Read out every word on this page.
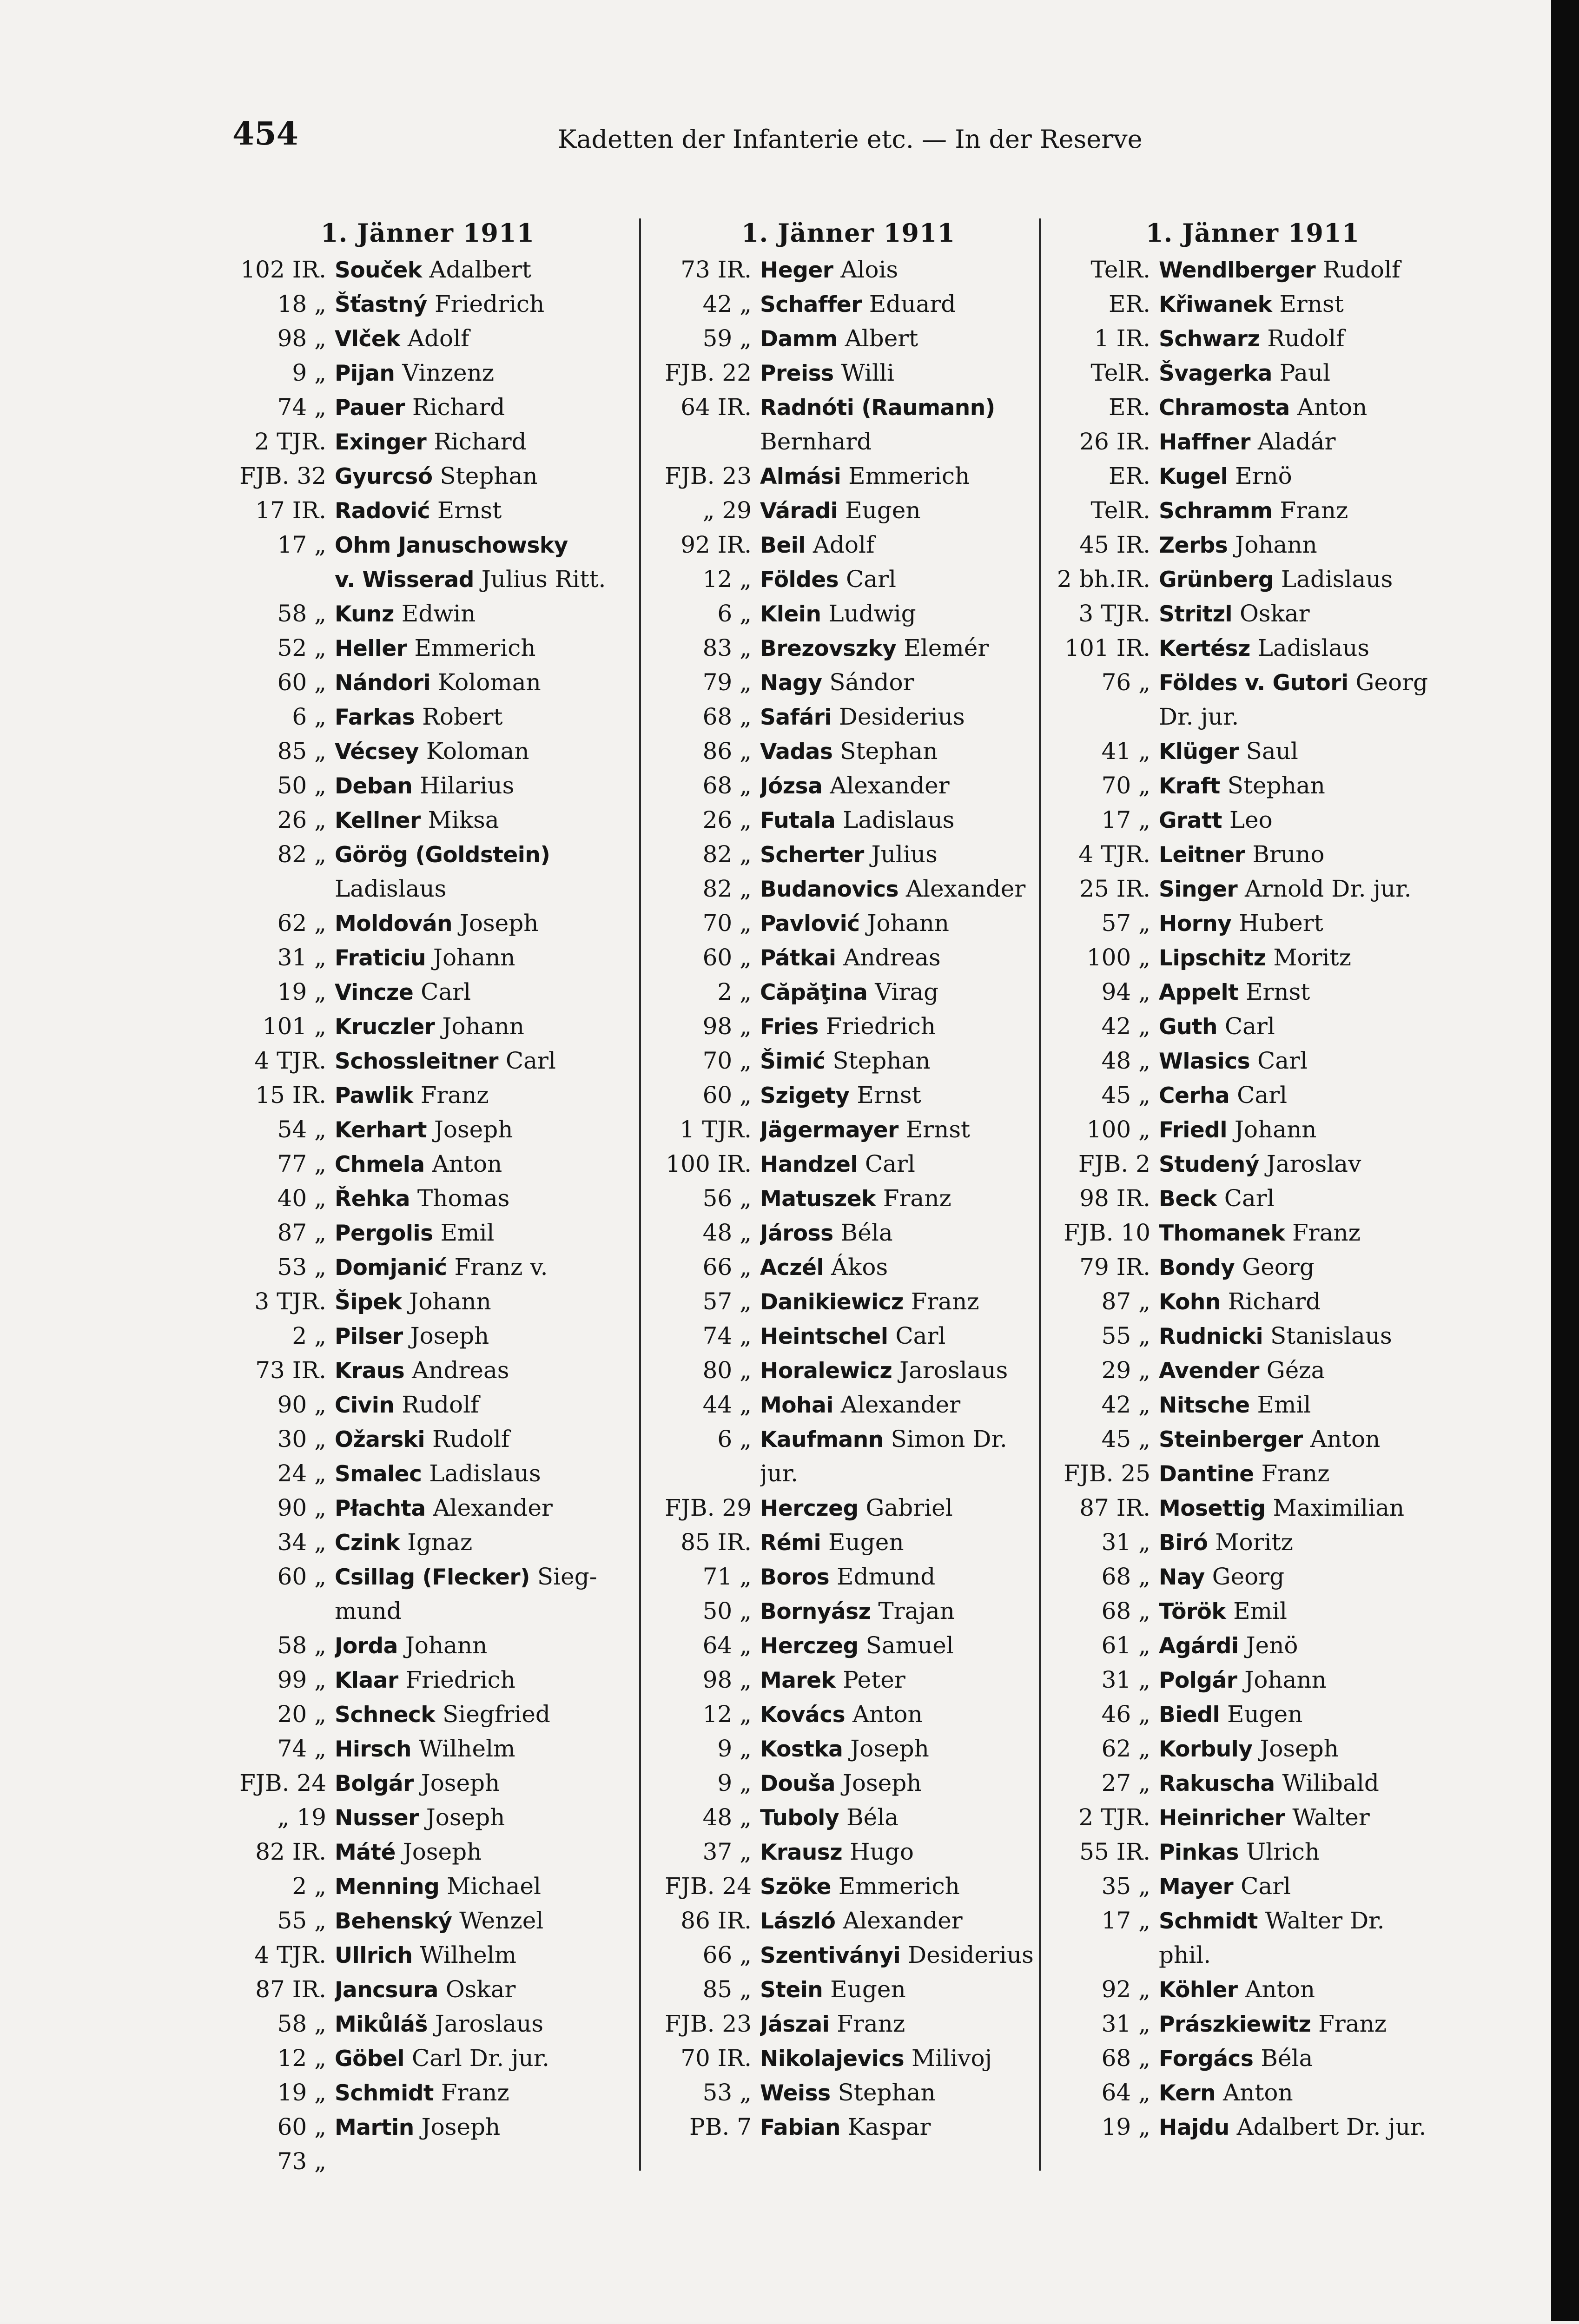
454	Kadetten der Infanterie etc. — In der Reserve
1. Jänner 1911
102 IR. Souček Adalbert
18 „ Šťastný Friedrich
98 „ Vlček Adolf
9 „ Pijan Vinzenz
74 „ Pauer Richard
2 TJR. Exinger Richard
FJB. 32 Gyurcsó Stephan
17 IR. Radović Ernst
17 „ Ohm Januschowsky
v. Wisserad Julius Ritt.
58 „ Kunz Edwin
52 „ Heller Emmerich
60 „ Nándori Koloman
6 „ Farkas Robert
85 „ Vécsey Koloman
50 „ Deban Hilarius
26 „ Kellner Miksa
82 „ Görög (Goldstein)
Ladislaus
62 „ Moldován Joseph
31 „ Fraticiu Johann
19 „ Vincze Carl
101 „ Kruczler Johann
4 TJR. Schossleitner Carl
15 IR. Pawlik Franz
54 „ Kerhart Joseph
77 „ Chmela Anton
40 „ Řehka Thomas
87 „ Pergolis Emil
53 „ Domjanić Franz v.
3 TJR. Šipek Johann
2 „ Pilser Joseph
73 IR. Kraus Andreas
90 „ Civin Rudolf
30 „ Ožarski Rudolf
24 „ Smalec Ladislaus
90 „ Płachta Alexander
34 „ Czink Ignaz
60 „ Csillag (Flecker) Sieg-
mund
58 „ Jorda Johann
99 „ Klaar Friedrich
20 „ Schneck Siegfried
74 „ Hirsch Wilhelm
FJB. 24 Bolgár Joseph
„ 19 Nusser Joseph
82 IR. Máté Joseph
2 „ Menning Michael
55 „ Behenský Wenzel
4 TJR. Ullrich Wilhelm
87 IR. Jancsura Oskar
58 „ Mikůláš Jaroslaus
12 „ Göbel Carl Dr. jur.
19 „ Schmidt Franz
60 „ Martin Joseph
73 „
1. Jänner 1911
73 IR. Heger Alois
42 „ Schaffer Eduard
59 „ Damm Albert
FJB. 22 Preiss Willi
64 IR. Radnóti (Raumann)
Bernhard
FJB. 23 Almási Emmerich
„ 29 Váradi Eugen
92 IR. Beil Adolf
12 „ Földes Carl
6 „ Klein Ludwig
83 „ Brezovszky Elemér
79 „ Nagy Sándor
68 „ Safári Desiderius
86 „ Vadas Stephan
68 „ Józsa Alexander
26 „ Futala Ladislaus
82 „ Scherter Julius
82 „ Budanovics Alexander
70 „ Pavlović Johann
60 „ Pátkai Andreas
2 „ Căpăţina Virag
98 „ Fries Friedrich
70 „ Šimić Stephan
60 „ Szigety Ernst
1 TJR. Jägermayer Ernst
100 IR. Handzel Carl
56 „ Matuszek Franz
48 „ Jáross Béla
66 „ Aczél Ákos
57 „ Danikiewicz Franz
74 „ Heintschel Carl
80 „ Horalewicz Jaroslaus
44 „ Mohai Alexander
6 „ Kaufmann Simon Dr.
jur.
FJB. 29 Herczeg Gabriel
85 IR. Rémi Eugen
71 „ Boros Edmund
50 „ Bornyász Trajan
64 „ Herczeg Samuel
98 „ Marek Peter
12 „ Kovács Anton
9 „ Kostka Joseph
9 „ Douša Joseph
48 „ Tuboly Béla
37 „ Krausz Hugo
FJB. 24 Szöke Emmerich
86 IR. László Alexander
66 „ Szentiványi Desiderius
85 „ Stein Eugen
FJB. 23 Jászai Franz
70 IR. Nikolajevics Milivoj
53 „ Weiss Stephan
PB. 7 Fabian Kaspar
1. Jänner 1911
TelR. Wendlberger Rudolf
ER. Křiwanek Ernst
1 IR. Schwarz Rudolf
TelR. Švagerka Paul
ER. Chramosta Anton
26 IR. Haffner Aladár
ER. Kugel Ernö
TelR. Schramm Franz
45 IR. Zerbs Johann
2 bh.IR. Grünberg Ladislaus
3 TJR. Stritzl Oskar
101 IR. Kertész Ladislaus
76 „ Földes v. Gutori Georg
Dr. jur.
41 „ Klüger Saul
70 „ Kraft Stephan
17 „ Gratt Leo
4 TJR. Leitner Bruno
25 IR. Singer Arnold Dr. jur.
57 „ Horny Hubert
100 „ Lipschitz Moritz
94 „ Appelt Ernst
42 „ Guth Carl
48 „ Wlasics Carl
45 „ Cerha Carl
100 „ Friedl Johann
FJB. 2 Studený Jaroslav
98 IR. Beck Carl
FJB. 10 Thomanek Franz
79 IR. Bondy Georg
87 „ Kohn Richard
55 „ Rudnicki Stanislaus
29 „ Avender Géza
42 „ Nitsche Emil
45 „ Steinberger Anton
FJB. 25 Dantine Franz
87 IR. Mosettig Maximilian
31 „ Biró Moritz
68 „ Nay Georg
68 „ Török Emil
61 „ Agárdi Jenö
31 „ Polgár Johann
46 „ Biedl Eugen
62 „ Korbuly Joseph
27 „ Rakuscha Wilibald
2 TJR. Heinricher Walter
55 IR. Pinkas Ulrich
35 „ Mayer Carl
17 „ Schmidt Walter Dr.
phil.
92 „ Köhler Anton
31 „ Prászkiewitz Franz
68 „ Forgács Béla
64 „ Kern Anton
19 „ Hajdu Adalbert Dr. jur.
